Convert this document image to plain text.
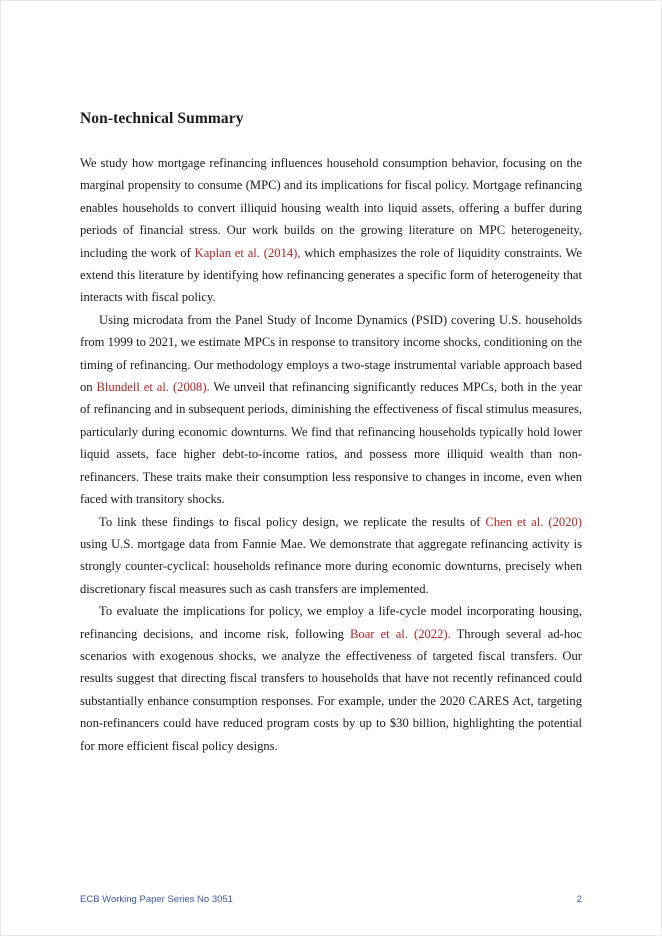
Non-technical Summary

We study how mortgage refinancing influences household consumption behavior, focusing on the marginal propensity to consume (MPC) and its implications for fiscal policy. Mortgage refinancing enables households to convert illiquid housing wealth into liquid assets, offering a buffer during periods of financial stress. Our work builds on the growing literature on MPC heterogeneity, including the work of Kaplan et al. (2014), which emphasizes the role of liquidity constraints. We extend this literature by identifying how refinancing generates a specific form of heterogeneity that interacts with fiscal policy.

Using microdata from the Panel Study of Income Dynamics (PSID) covering U.S. households from 1999 to 2021, we estimate MPCs in response to transitory income shocks, conditioning on the timing of refinancing. Our methodology employs a two-stage instrumental variable approach based on Blundell et al. (2008). We unveil that refinancing significantly reduces MPCs, both in the year of refinancing and in subsequent periods, diminishing the effectiveness of fiscal stimulus measures, particularly during economic downturns. We find that refinancing households typically hold lower liquid assets, face higher debt-to-income ratios, and possess more illiquid wealth than non-refinancers. These traits make their consumption less responsive to changes in income, even when faced with transitory shocks.

To link these findings to fiscal policy design, we replicate the results of Chen et al. (2020) using U.S. mortgage data from Fannie Mae. We demonstrate that aggregate refinancing activity is strongly counter-cyclical: households refinance more during economic downturns, precisely when discretionary fiscal measures such as cash transfers are implemented.

To evaluate the implications for policy, we employ a life-cycle model incorporating housing, refinancing decisions, and income risk, following Boar et al. (2022). Through several ad-hoc scenarios with exogenous shocks, we analyze the effectiveness of targeted fiscal transfers. Our results suggest that directing fiscal transfers to households that have not recently refinanced could substantially enhance consumption responses. For example, under the 2020 CARES Act, targeting non-refinancers could have reduced program costs by up to $30 billion, highlighting the potential for more efficient fiscal policy designs.

ECB Working Paper Series No 3051	2
